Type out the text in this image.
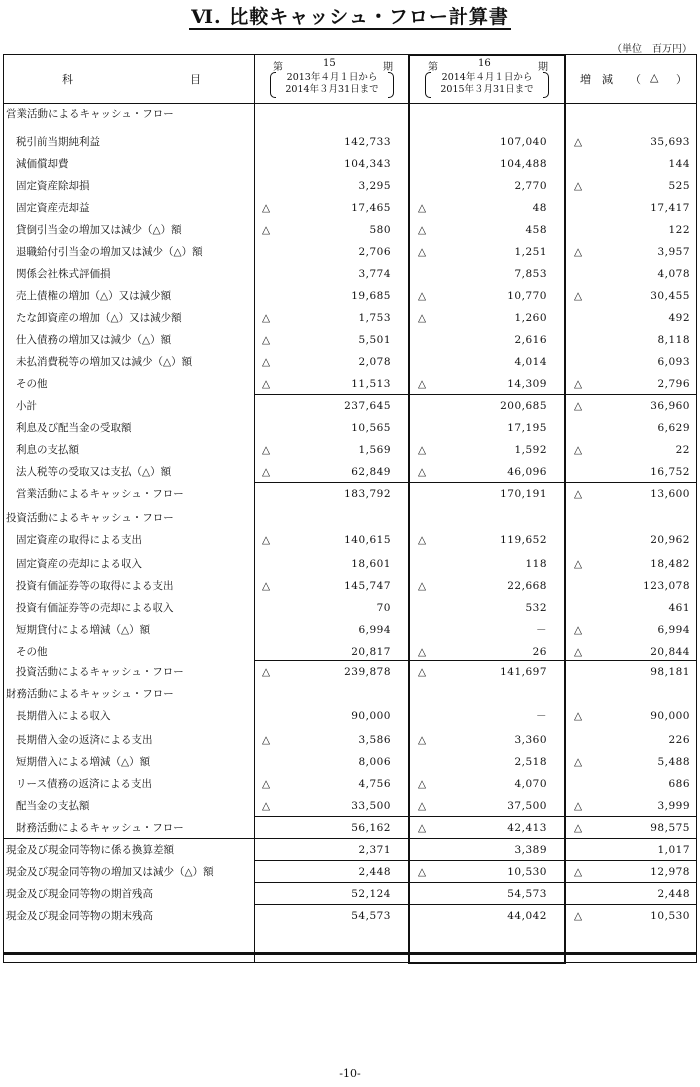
Ⅵ. 比較キャッシュ・フロー計算書
（単位　百万円）
科	目
第	15	期
2013年４月１日から
2014年３月31日まで
第	16	期
2014年４月１日から
2015年３月31日まで
増 減 （ △ ）
営業活動によるキャッシュ・フロー
税引前当期純利益	142,733	107,040	△	35,693
減価償却費	104,343	104,488	144
固定資産除却損	3,295	2,770	△	525
固定資産売却益	△	17,465	△	48	17,417
貸倒引当金の増加又は減少（△）額	△	580	△	458	122
退職給付引当金の増加又は減少（△）額	2,706	△	1,251	△	3,957
関係会社株式評価損	3,774	7,853	4,078
売上債権の増加（△）又は減少額	19,685	△	10,770	△	30,455
たな卸資産の増加（△）又は減少額	△	1,753	△	1,260	492
仕入債務の増加又は減少（△）額	△	5,501	2,616	8,118
未払消費税等の増加又は減少（△）額	△	2,078	4,014	6,093
その他	△	11,513	△	14,309	△	2,796
小計	237,645	200,685	△	36,960
利息及び配当金の受取額	10,565	17,195	6,629
利息の支払額	△	1,569	△	1,592	△	22
法人税等の受取又は支払（△）額	△	62,849	△	46,096	16,752
営業活動によるキャッシュ・フロー	183,792	170,191	△	13,600
投資活動によるキャッシュ・フロー
固定資産の取得による支出	△	140,615	△	119,652	20,962
固定資産の売却による収入	18,601	118	△	18,482
投資有価証券等の取得による支出	△	145,747	△	22,668	123,078
投資有価証券等の売却による収入	70	532	461
短期貸付による増減（△）額	6,994	－	△	6,994
その他	20,817	△	26	△	20,844
投資活動によるキャッシュ・フロー	△	239,878	△	141,697	98,181
財務活動によるキャッシュ・フロー
長期借入による収入	90,000	－	△	90,000
長期借入金の返済による支出	△	3,586	△	3,360	226
短期借入による増減（△）額	8,006	2,518	△	5,488
リース債務の返済による支出	△	4,756	△	4,070	686
配当金の支払額	△	33,500	△	37,500	△	3,999
財務活動によるキャッシュ・フロー	56,162	△	42,413	△	98,575
現金及び現金同等物に係る換算差額	2,371	3,389	1,017
現金及び現金同等物の増加又は減少（△）額	2,448	△	10,530	△	12,978
現金及び現金同等物の期首残高	52,124	54,573	2,448
現金及び現金同等物の期末残高	54,573	44,042	△	10,530
-10-
